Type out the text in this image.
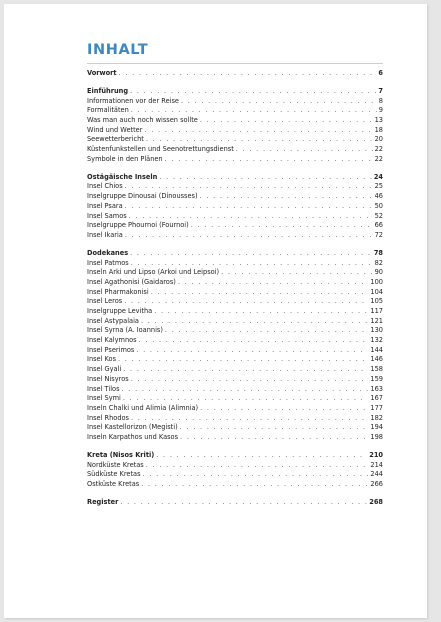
INHALT
Vorwort . . .	6
Einführung . . .	7
Informationen vor der Reise . . .	8
Formalitäten . . .	9
Was man auch noch wissen sollte . . .	13
Wind und Wetter . . .	18
Seewetterbericht . . .	20
Küstenfunkstellen und Seenotrettungsdienst . . .	22
Symbole in den Plänen . . .	22
Ostägäische Inseln . . .	24
Insel Chios . . .	25
Inselgruppe Dinousai (Dinousses) . . .	46
Insel Psara . . .	50
Insel Samos . . .	52
Inselgruppe Phournoi (Fournoi) . . .	66
Insel Ikaria . . .	72
Dodekanes . . .	78
Insel Patmos . . .	82
Inseln Arki und Lipso (Arkoi und Leipsoi) . . .	90
Insel Agathonisi (Gaidaros) . . .	100
Insel Pharmakonisi . . .	104
Insel Leros . . .	105
Inselgruppe Levitha . . .	117
Insel Astypalaia . . .	121
Insel Syrna (A. Ioannis) . . .	130
Insel Kalymnos . . .	132
Insel Pserimos . . .	144
Insel Kos . . .	146
Insel Gyali . . .	158
Insel Nisyros . . .	159
Insel Tilos . . .	163
Insel Symi . . .	167
Inseln Chalki und Alimia (Alimnia) . . .	177
Insel Rhodos . . .	182
Insel Kastellorizon (Megisti) . . .	194
Inseln Karpathos und Kasos . . .	198
Kreta (Nisos Kriti) . . .	210
Nordküste Kretas . . .	214
Südküste Kretas . . .	244
Ostküste Kretas . . .	266
Register . . .	268
